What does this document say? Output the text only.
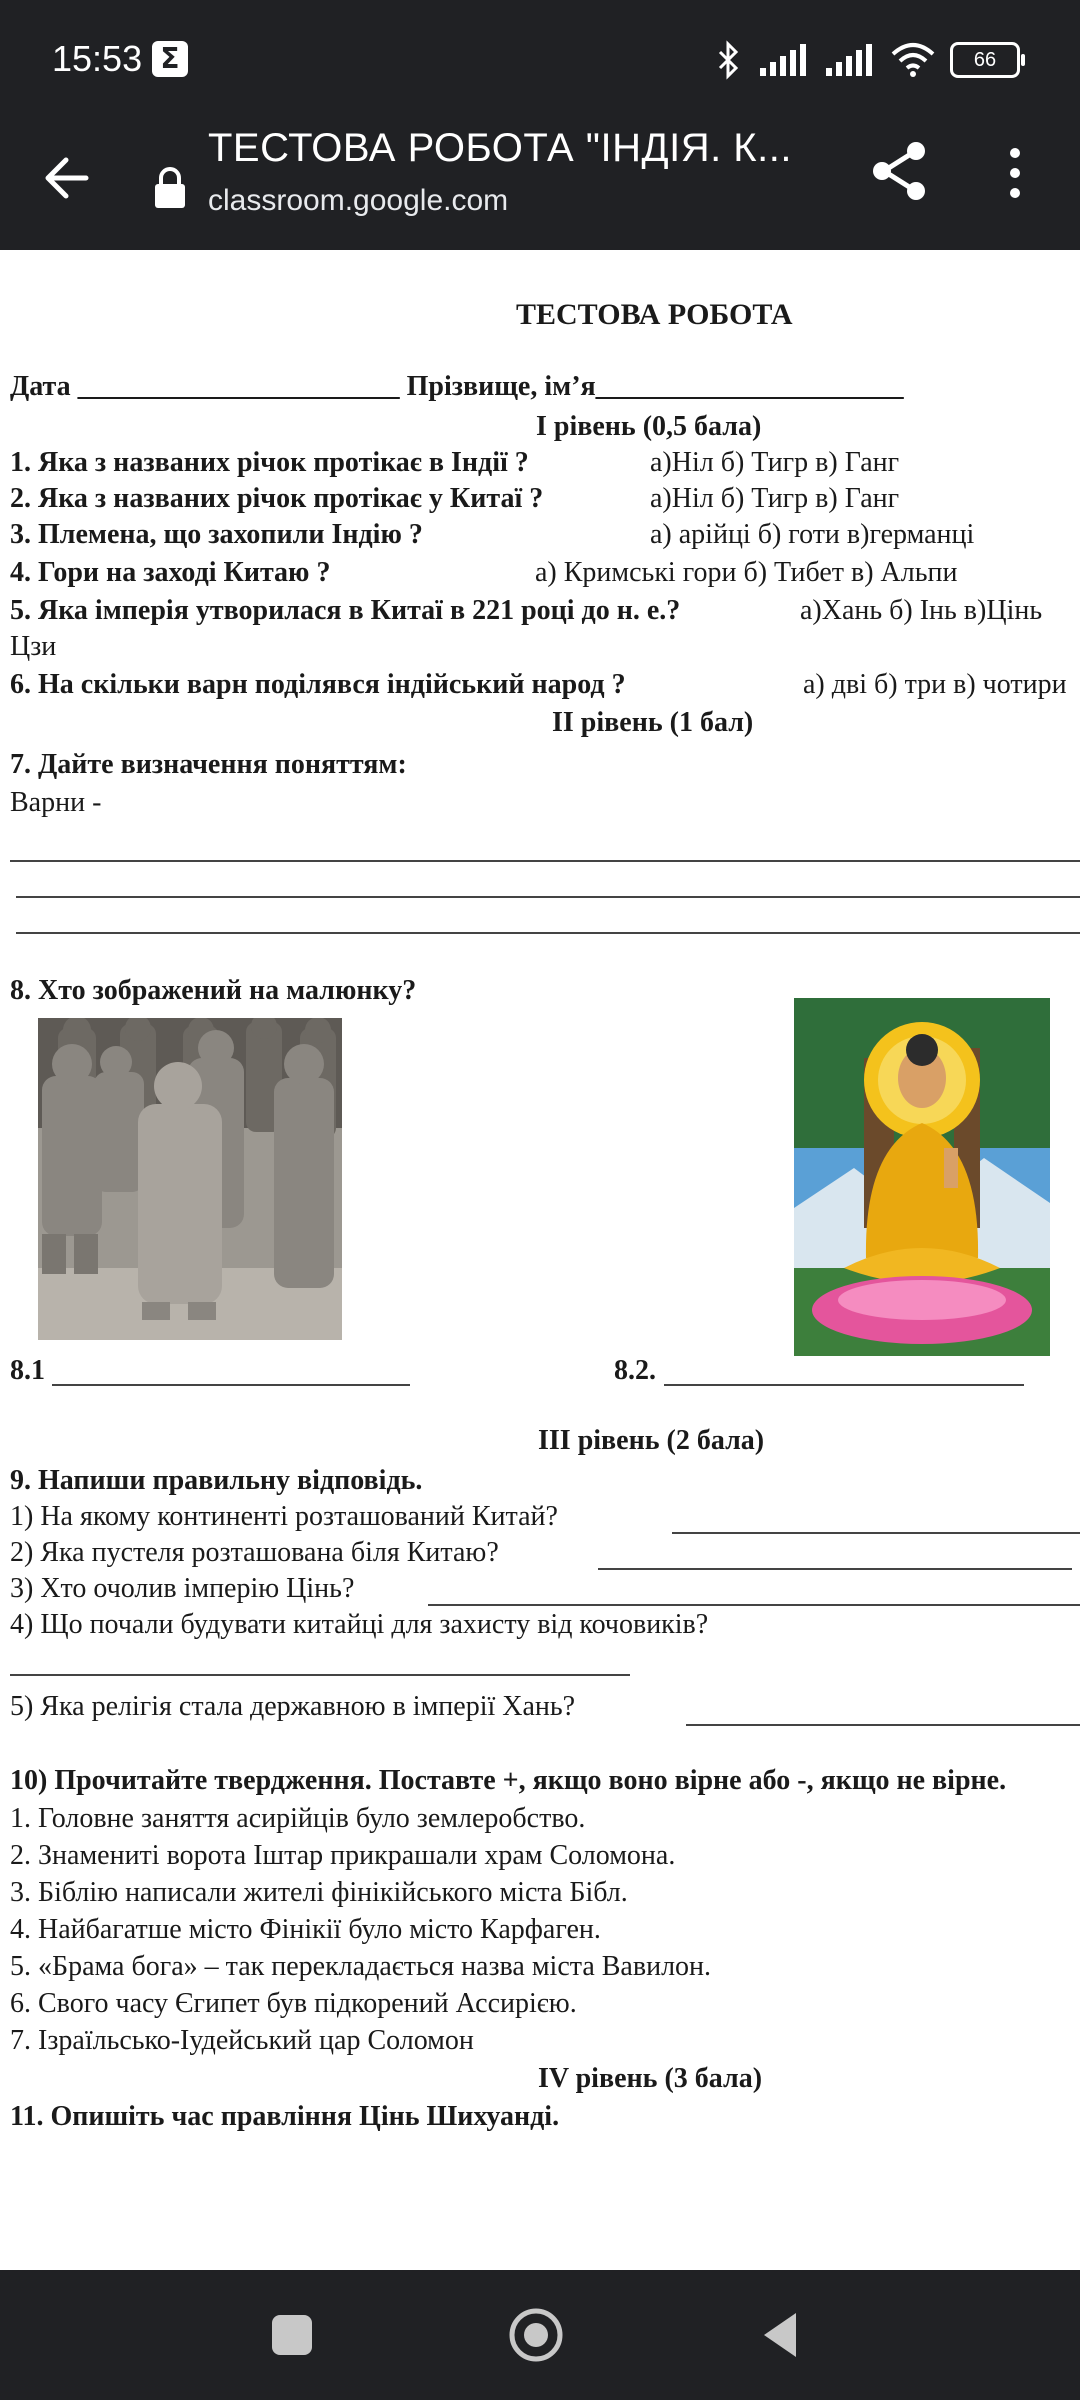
15:53 Σ	66
ТЕСТОВА РОБОТА "ІНДІЯ. К...
classroom.google.com
ТЕСТОВА РОБОТА
Дата _______________________ Прізвище, ім’я______________________
І рівень (0,5 бала)
1. Яка з названих річок протікає в Індії ?	а)Ніл б) Тигр в) Ганг
2. Яка з названих річок протікає у Китаї ?	а)Ніл б) Тигр в) Ганг
3. Племена, що захопили Індію ?	а) арійці б) готи в)германці
4. Гори на заході Китаю ?	а) Кримські гори б) Тибет в) Альпи
5. Яка імперія утворилася в Китаї в 221 році до н. е.?	а)Хань б) Інь в)Цінь
Цзи
6. На скільки варн поділявся індійський народ ?	а) дві б) три в) чотири
ІІ рівень (1 бал)
7. Дайте визначення поняттям:
Варни -
8. Хто зображений на малюнку?
8.1	8.2.
ІІІ рівень (2 бала)
9. Напиши правильну відповідь.
1) На якому континенті розташований Китай?
2) Яка пустеля розташована біля Китаю?
3) Хто очолив імперію Цінь?
4) Що почали будувати китайці для захисту від кочовиків?
5) Яка релігія стала державною в імперії Хань?
10) Прочитайте твердження. Поставте +, якщо воно вірне або -, якщо не вірне.
1. Головне заняття асирійців було землеробство.
2. Знамениті ворота Іштар прикрашали храм Соломона.
3. Біблію написали жителі фінікійського міста Бібл.
4. Найбагатше місто Фінікії було місто Карфаген.
5. «Брама бога» – так перекладається назва міста Вавилон.
6. Свого часу Єгипет був підкорений Ассирією.
7. Ізраїльсько-Іудейський цар Соломон
ІV рівень (3 бала)
11. Опишіть час правління Цінь Шихуанді.
